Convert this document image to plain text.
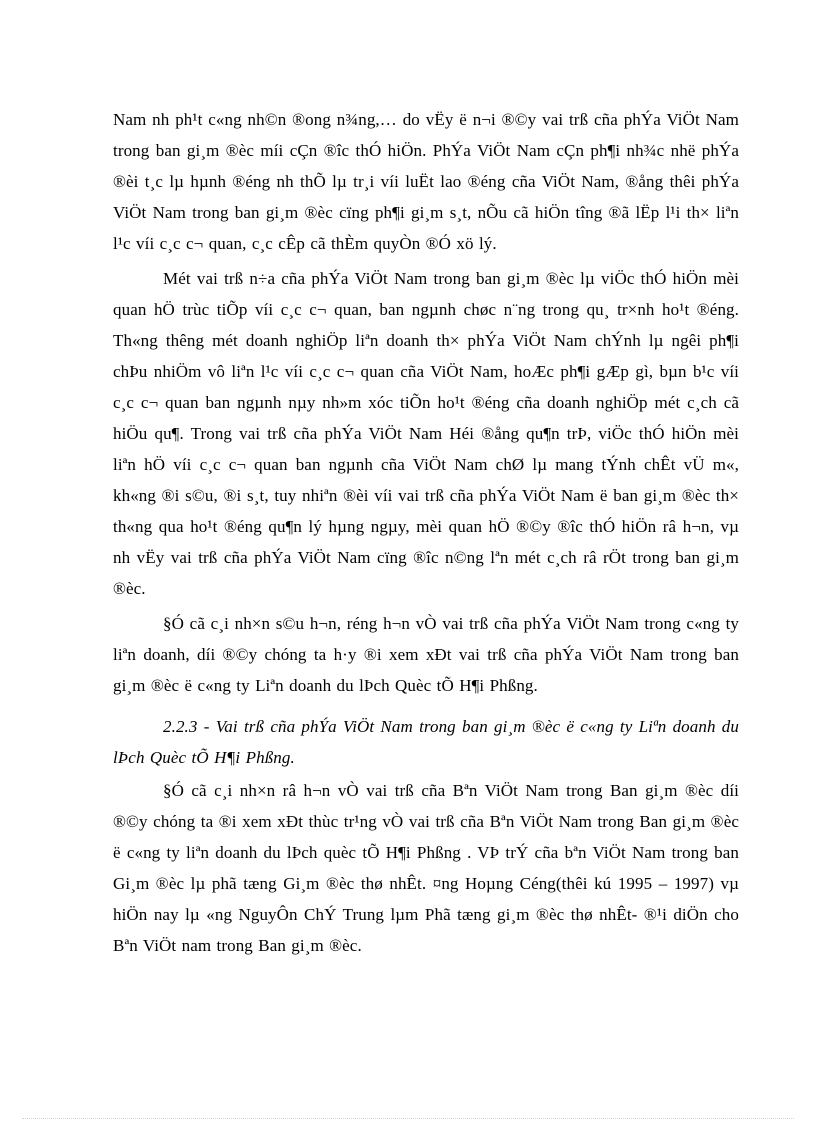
Nam nh ph¹t c«ng nh©n ®ong n¾ng,… do vËy ë n¬i ®©y vai trß cña phÝa ViÖt Nam trong ban gi¸m ®èc míi cÇn ®îc thÓ hiÖn. PhÝa ViÖt Nam cÇn ph¶i nh¾c nhë phÝa ®èi t¸c lµ hµnh ®éng nh thÕ lµ tr¸i víi luËt lao ®éng cña ViÖt Nam, ®ång thêi phÝa ViÖt Nam trong ban gi¸m ®èc cïng ph¶i gi¸m s¸t, nÕu cã hiÖn tîng ®ã lËp l¹i th× liªn l¹c víi c¸c c¬ quan, c¸c cÊp cã thÈm quyÒn ®Ó xö lý.

Mét vai trß n÷a cña phÝa ViÖt Nam trong ban gi¸m ®èc lµ viÖc thÓ hiÖn mèi quan hÖ trùc tiÕp víi c¸c c¬ quan, ban ngµnh chøc n¨ng trong qu¸ tr×nh ho¹t ®éng. Th«ng thêng mét doanh nghiÖp liªn doanh th× phÝa ViÖt Nam chÝnh lµ ngêi ph¶i chÞu nhiÖm vô liªn l¹c víi c¸c c¬ quan cña ViÖt Nam, hoÆc ph¶i gÆp gì, bµn b¹c víi c¸c c¬ quan ban ngµnh nµy nh»m xóc tiÕn ho¹t ®éng cña doanh nghiÖp mét c¸ch cã hiÖu qu¶. Trong vai trß cña phÝa ViÖt Nam Héi ®ång qu¶n trÞ, viÖc thÓ hiÖn mèi liªn hÖ víi c¸c c¬ quan ban ngµnh cña ViÖt Nam chØ lµ mang tÝnh chÊt vÜ m«, kh«ng ®i s©u, ®i s¸t, tuy nhiªn ®èi víi vai trß cña phÝa ViÖt Nam ë ban gi¸m ®èc th× th«ng qua ho¹t ®éng qu¶n lý hµng ngµy, mèi quan hÖ ®©y ®îc thÓ hiÖn râ h¬n, vµ nh vËy vai trß cña phÝa ViÖt Nam cïng ®îc n©ng lªn mét c¸ch râ rÖt trong ban gi¸m ®èc.

§Ó cã c¸i nh×n s©u h¬n, réng h¬n vÒ vai trß cña phÝa ViÖt Nam trong c«ng ty liªn doanh, díi ®©y chóng ta h·y ®i xem xÐt vai trß cña phÝa ViÖt Nam trong ban gi¸m ®èc ë c«ng ty Liªn doanh du lÞch Quèc tÕ H¶i Phßng.

2.2.3 - Vai trß cña phÝa ViÖt Nam trong ban gi¸m ®èc ë c«ng ty Liªn doanh du lÞch Quèc tÕ H¶i Phßng.

§Ó cã c¸i nh×n râ h¬n vÒ vai trß cña Bªn ViÖt Nam trong Ban gi¸m ®èc díi ®©y chóng ta ®i xem xÐt thùc tr¹ng vÒ vai trß cña Bªn ViÖt Nam trong Ban gi¸m ®èc ë c«ng ty liªn doanh du lÞch quèc tÕ H¶i Phßng . VÞ trÝ cña bªn ViÖt Nam trong ban Gi¸m ®èc lµ phã tæng Gi¸m ®èc thø nhÊt. ¤ng Hoµng Céng(thêi kú 1995 – 1997) vµ hiÖn nay lµ «ng NguyÔn ChÝ Trung lµm Phã tæng gi¸m ®èc thø nhÊt- ®¹i diÖn cho Bªn ViÖt nam trong Ban gi¸m ®èc.
